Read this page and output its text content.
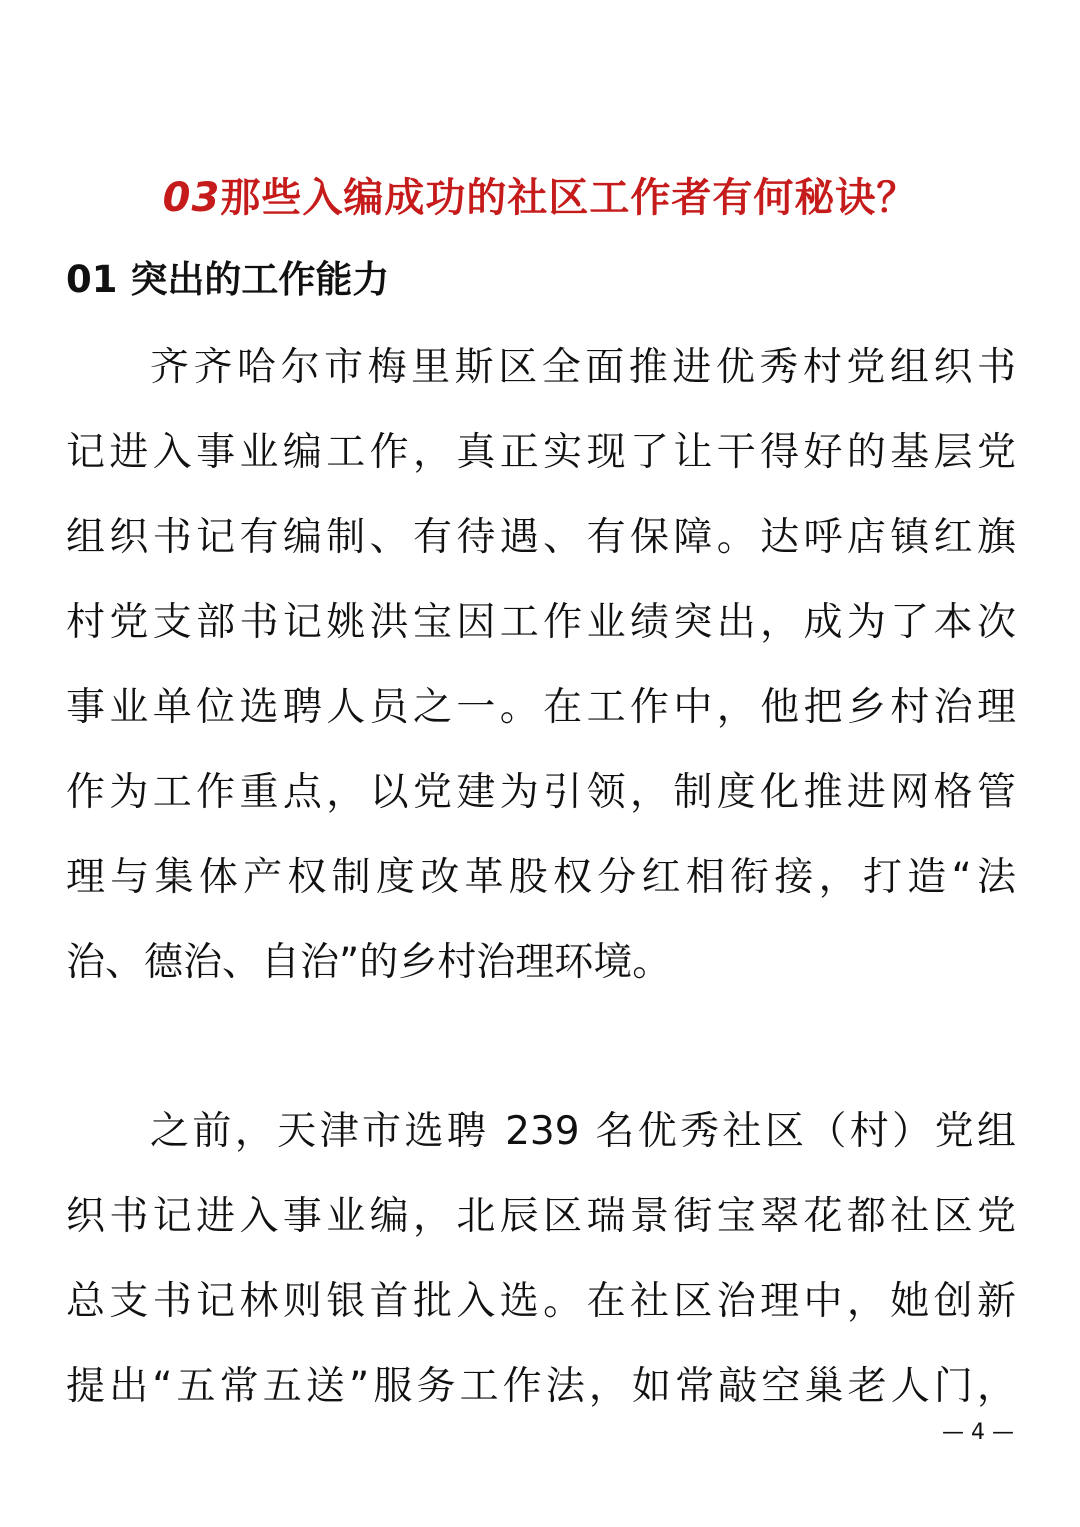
03那些入编成功的社区工作者有何秘诀？
01 突出的工作能力
齐齐哈尔市梅里斯区全面推进优秀村党组织书
记进入事业编工作，真正实现了让干得好的基层党
组织书记有编制、有待遇、有保障。达呼店镇红旗
村党支部书记姚洪宝因工作业绩突出，成为了本次
事业单位选聘人员之一。在工作中，他把乡村治理
作为工作重点，以党建为引领，制度化推进网格管
理与集体产权制度改革股权分红相衔接，打造“法
治、德治、自治”的乡村治理环境。
之前，天津市选聘 239 名优秀社区（村）党组
织书记进入事业编，北辰区瑞景街宝翠花都社区党
总支书记林则银首批入选。在社区治理中，她创新
提出“五常五送”服务工作法，如常敲空巢老人门，
— 4 —
